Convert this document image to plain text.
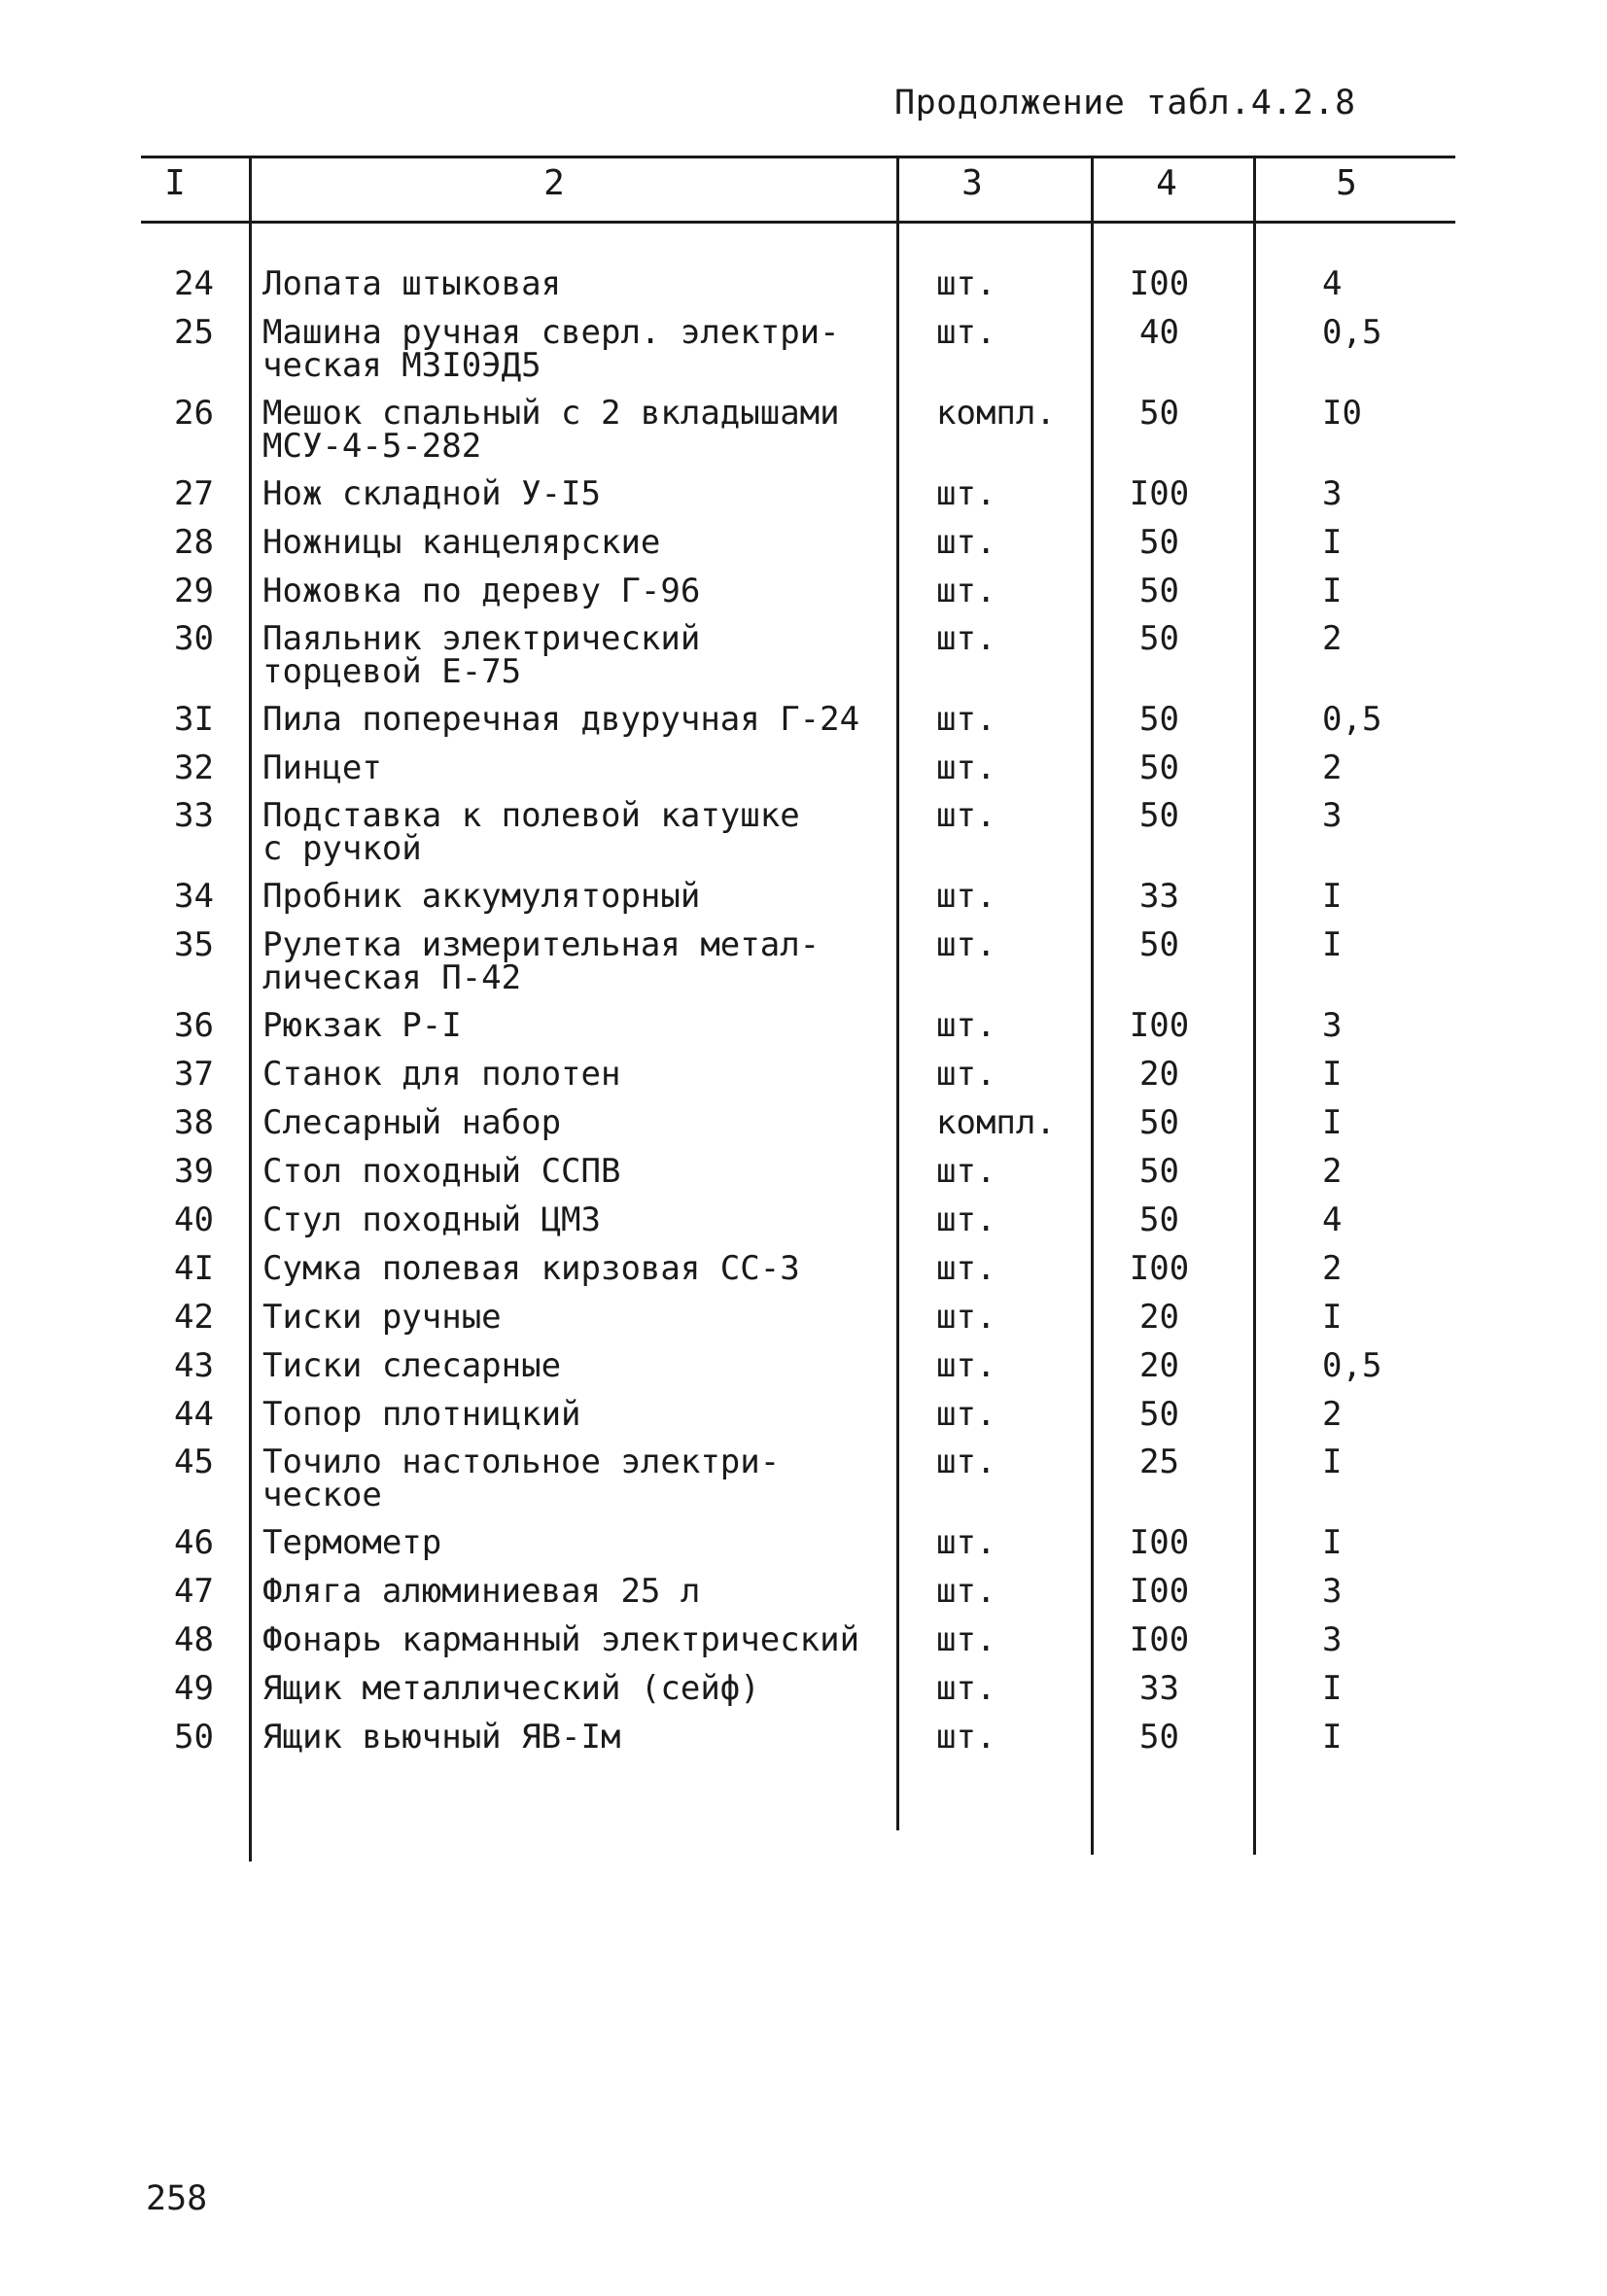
Продолжение табл.4.2.8
I	2	3	4	5
24 Лопата штыковая	шт.	I00	4
25 Машина ручная сверл. электри-
ческая МЗI0ЭД5
шт.	40	0,5
26 Мешок спальный с 2 вкладышами
МСУ-4-5-282
компл.	50	I0
27 Нож складной У-I5	шт.	I00	3
28 Ножницы канцелярские	шт.	50	I
29 Ножовка по дереву Г-96	шт.	50	I
30 Паяльник электрический
торцевой Е-75
шт.	50	2
3I Пила поперечная двуручная Г-24	шт.	50	0,5
32 Пинцет	шт.	50	2
33 Подставка к полевой катушке
с ручкой
шт.	50	3
34 Пробник аккумуляторный	шт.	33	I
35 Рулетка измерительная метал-
лическая П-42
шт.	50	I
36 Рюкзак Р-I	шт.	I00	3
37 Станок для полотен	шт.	20	I
38 Слесарный набор	компл.	50	I
39 Стол походный ССПВ	шт.	50	2
40 Стул походный ЦМЗ	шт.	50	4
4I Сумка полевая кирзовая СС-3	шт.	I00	2
42 Тиски ручные	шт.	20	I
43 Тиски слесарные	шт.	20	0,5
44 Топор плотницкий	шт.	50	2
45 Точило настольное электри-
ческое
шт.	25	I
46 Термометр	шт.	I00	I
47 Фляга алюминиевая 25 л	шт.	I00	3
48 Фонарь карманный электрический	шт.	I00	3
49 Ящик металлический (сейф)	шт.	33	I
50 Ящик вьючный ЯВ-Iм	шт.	50	I
258
